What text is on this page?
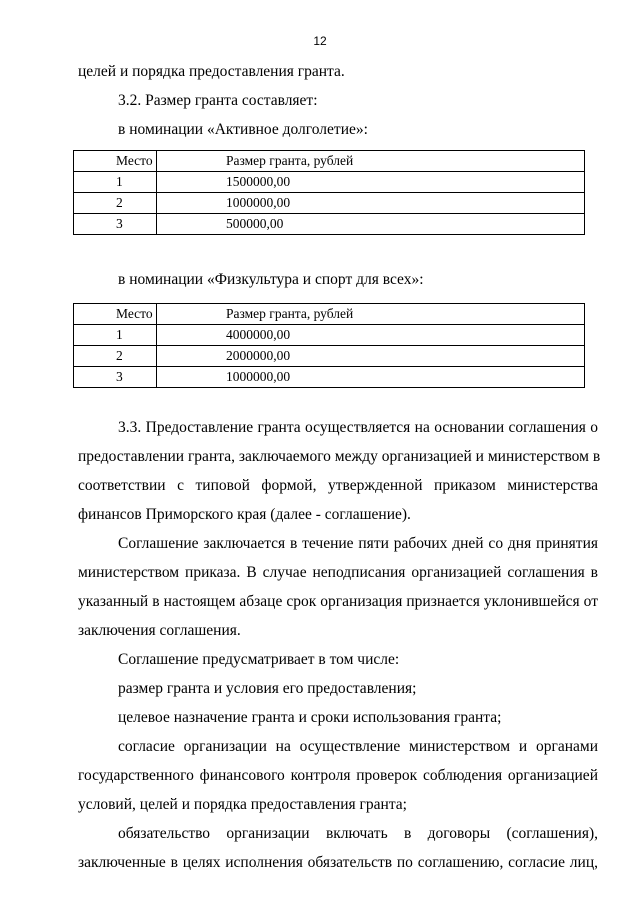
12
целей и порядка предоставления гранта.
3.2. Размер гранта составляет:
в номинации «Активное долголетие»:
Место	Размер гранта, рублей
1	1500000,00
2	1000000,00
3	500000,00
в номинации «Физкультура и спорт для всех»:
Место	Размер гранта, рублей
1	4000000,00
2	2000000,00
3	1000000,00
3.3. Предоставление гранта осуществляется на основании соглашения о
предоставлении гранта, заключаемого между организацией и министерством в
соответствии с типовой формой, утвержденной приказом министерства
финансов Приморского края (далее - соглашение).
Соглашение заключается в течение пяти рабочих дней со дня принятия
министерством приказа. В случае неподписания организацией соглашения в
указанный в настоящем абзаце срок организация признается уклонившейся от
заключения соглашения.
Соглашение предусматривает в том числе:
размер гранта и условия его предоставления;
целевое назначение гранта и сроки использования гранта;
согласие организации на осуществление министерством и органами
государственного финансового контроля проверок соблюдения организацией
условий, целей и порядка предоставления гранта;
обязательство организации включать в договоры (соглашения),
заключенные в целях исполнения обязательств по соглашению, согласие лиц,
